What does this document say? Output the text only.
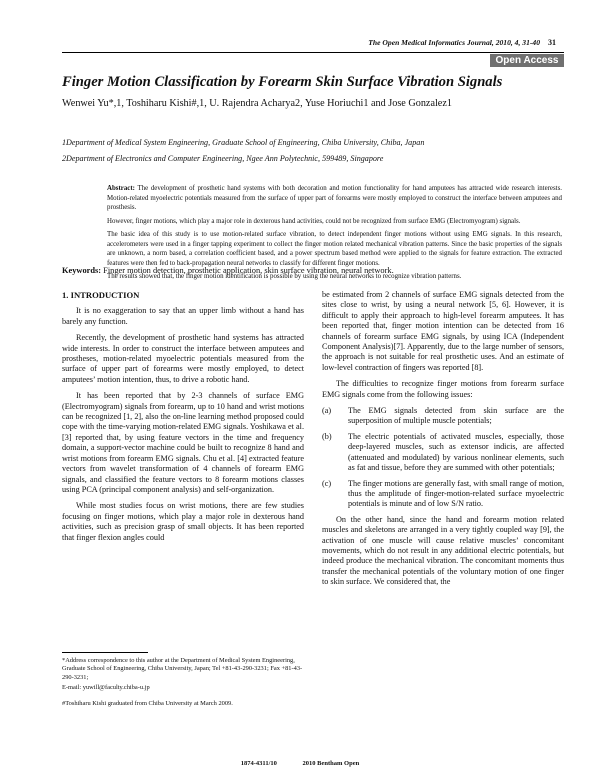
The Open Medical Informatics Journal, 2010, 4, 31-40 31
Open Access
Finger Motion Classification by Forearm Skin Surface Vibration Signals
Wenwei Yu*,1, Toshiharu Kishi#,1, U. Rajendra Acharya2, Yuse Horiuchi1 and Jose Gonzalez1
1Department of Medical System Engineering, Graduate School of Engineering, Chiba University, Chiba, Japan
2Department of Electronics and Computer Engineering, Ngee Ann Polytechnic, 599489, Singapore

Abstract: The development of prosthetic hand systems with both decoration and motion functionality for hand amputees has attracted wide research interests. Motion-related myoelectric potentials measured from the surface of upper part of forearms were mostly employed to construct the interface between amputees and prosthesis.

However, finger motions, which play a major role in dexterous hand activities, could not be recognized from surface EMG (Electromyogram) signals.

The basic idea of this study is to use motion-related surface vibration, to detect independent finger motions without using EMG signals. In this research, accelerometers were used in a finger tapping experiment to collect the finger motion related mechanical vibration patterns. Since the basic properties of the signals are unknown, a norm based, a correlation coefficient based, and a power spectrum based method were applied to the signals for feature extraction. The extracted features were then fed to back-propagation neural networks to classify for different finger motions.

The results showed that, the finger motion identification is possible by using the neural networks to recognize vibration patterns.

Keywords: Finger motion detection, prosthetic application, skin surface vibration, neural network.

1. INTRODUCTION

It is no exaggeration to say that an upper limb without a hand has barely any function.

Recently, the development of prosthetic hand systems has attracted wide interests. In order to construct the interface between amputees and prostheses, motion-related myoelectric potentials measured from the surface of upper part of forearms were mostly employed, to detect amputees’ motion intention, thus, to drive a robotic hand.

It has been reported that by 2-3 channels of surface EMG (Electromyogram) signals from forearm, up to 10 hand and wrist motions can be recognized [1, 2], also the on-line learning method proposed could cope with the time-varying motion-related EMG signals. Yoshikawa et al. [3] reported that, by using feature vectors in the time and frequency domain, a support-vector machine could be built to recognize 8 hand and wrist motions from forearm EMG signals. Chu et al. [4] extracted feature vectors from wavelet transformation of 4 channels of forearm EMG signals, and classified the feature vectors to 8 forearm motions classes using PCA (principal component analysis) and self-organization.

While most studies focus on wrist motions, there are few studies focusing on finger motions, which play a major role in dexterous hand activities, such as precision grasp of small objects. It has been reported that finger flexion angles could

*Address correspondence to this author at the Department of Medical System Engineering, Graduate School of Engineering, Chiba University, Japan; Tel +81-43-290-3231; Fax +81-43-290-3231;
E-mail: yuwill@faculty.chiba-u.jp
#Toshiharu Kishi graduated from Chiba University at March 2009.

be estimated from 2 channels of surface EMG signals detected from the sites close to wrist, by using a neural network [5, 6]. However, it is difficult to apply their approach to high-level forearm amputees. It has been reported that, finger motion intention can be detected from 16 channels of forearm surface EMG signals, by using ICA (Independent Component Analysis)[7]. Apparently, due to the large number of sensors, the approach is not suitable for real prosthetic uses. And an estimate of low-level contraction of fingers was reported [8].

The difficulties to recognize finger motions from forearm surface EMG signals come from the following issues:

(a) The EMG signals detected from skin surface are the superposition of multiple muscle potentials;
(b) The electric potentials of activated muscles, especially, those deep-layered muscles, such as extensor indicis, are affected (attenuated and modulated) by various nonlinear elements, such as fat and tissue, before they are summed with other potentials;
(c) The finger motions are generally fast, with small range of motion, thus the amplitude of finger-motion-related surface myoelectric potentials is minute and of low S/N ratio.

On the other hand, since the hand and forearm motion related muscles and skeletons are arranged in a very tightly coupled way [9], the activation of one muscle will cause relative muscles’ concomitant movements, which do not result in any additional electric potentials, but indeed produce the mechanical vibration. The concomitant moments thus transfer the mechanical potentials of the voluntary motion of one finger to skin surface. We considered that, the

1874-4311/10	2010 Bentham Open
